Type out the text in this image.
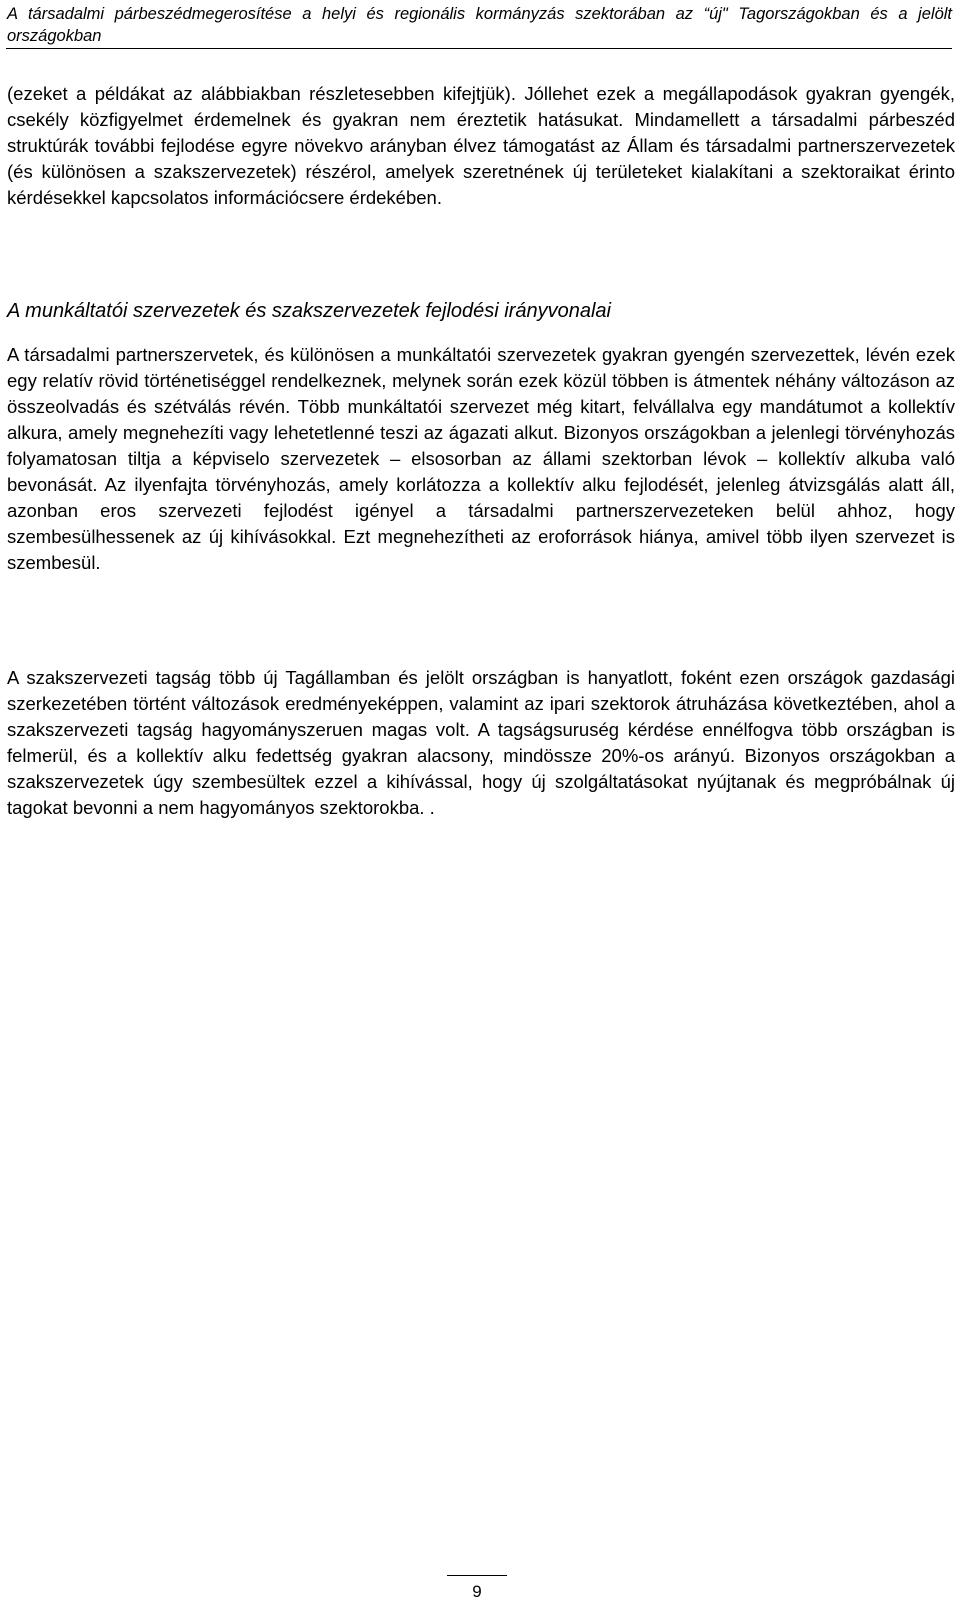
A társadalmi párbeszédmegerosítése a helyi és regionális kormányzás szektorában az “új" Tagországokban és a jelölt országokban
(ezeket a példákat az alábbiakban részletesebben kifejtjük). Jóllehet ezek a megállapodások gyakran gyengék, csekély közfigyelmet érdemelnek és gyakran nem éreztetik hatásukat. Mindamellett a társadalmi párbeszéd struktúrák további fejlodése egyre növekvo arányban élvez támogatást az Állam és társadalmi partnerszervezetek (és különösen a szakszervezetek) részérol, amelyek szeretnének új területeket kialakítani a szektoraikat érinto kérdésekkel kapcsolatos információcsere érdekében.
A munkáltatói szervezetek és szakszervezetek fejlodési irányvonalai
A társadalmi partnerszervetek, és különösen a munkáltatói szervezetek gyakran gyengén szervezettek, lévén ezek egy relatív rövid történetiséggel rendelkeznek, melynek során ezek közül többen is átmentek néhány változáson az összeolvadás és szétválás révén. Több munkáltatói szervezet még kitart, felvállalva egy mandátumot a kollektív alkura, amely megnehezíti vagy lehetetlenné teszi az ágazati alkut. Bizonyos országokban a jelenlegi törvényhozás folyamatosan tiltja a képviselo szervezetek – elsosorban az állami szektorban lévok – kollektív alkuba való bevonását. Az ilyenfajta törvényhozás, amely korlátozza a kollektív alku fejlodését, jelenleg átvizsgálás alatt áll, azonban eros szervezeti fejlodést igényel a társadalmi partnerszervezeteken belül ahhoz, hogy szembesülhessenek az új kihívásokkal. Ezt megnehezítheti az eroforrások hiánya, amivel több ilyen szervezet is szembesül.
A szakszervezeti tagság több új Tagállamban és jelölt országban is hanyatlott, foként ezen országok gazdasági szerkezetében történt változások eredményeképpen, valamint az ipari szektorok átruházása következtében, ahol a szakszervezeti tagság hagyományszeruen magas volt. A tagságsuruség kérdése ennélfogva több országban is felmerül, és a kollektív alku fedettség gyakran alacsony, mindössze 20%-os arányú. Bizonyos országokban a szakszervezetek úgy szembesültek ezzel a kihívással, hogy új szolgáltatásokat nyújtanak és megpróbálnak új tagokat bevonni a nem hagyományos szektorokba. .
9
